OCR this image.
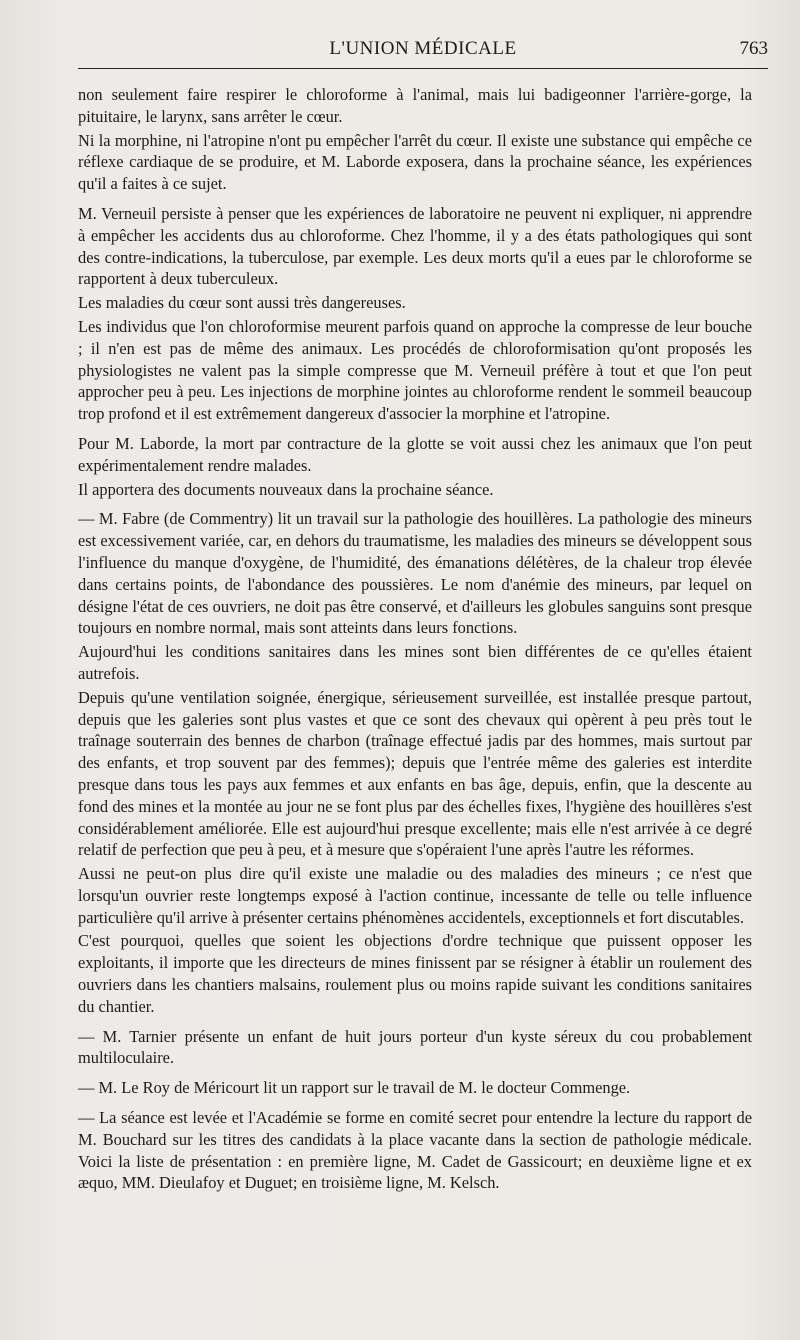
L'UNION MÉDICALE	763

non seulement faire respirer le chloroforme à l'animal, mais lui badigeonner l'arrière-gorge, la pituitaire, le larynx, sans arrêter le cœur.

Ni la morphine, ni l'atropine n'ont pu empêcher l'arrêt du cœur. Il existe une substance qui empêche ce réflexe cardiaque de se produire, et M. Laborde exposera, dans la prochaine séance, les expériences qu'il a faites à ce sujet.

M. Verneuil persiste à penser que les expériences de laboratoire ne peuvent ni expliquer, ni apprendre à empêcher les accidents dus au chloroforme. Chez l'homme, il y a des états pathologiques qui sont des contre-indications, la tuberculose, par exemple. Les deux morts qu'il a eues par le chloroforme se rapportent à deux tuberculeux.

Les maladies du cœur sont aussi très dangereuses.

Les individus que l'on chloroformise meurent parfois quand on approche la compresse de leur bouche ; il n'en est pas de même des animaux. Les procédés de chloroformisation qu'ont proposés les physiologistes ne valent pas la simple compresse que M. Verneuil préfère à tout et que l'on peut approcher peu à peu. Les injections de morphine jointes au chloroforme rendent le sommeil beaucoup trop profond et il est extrêmement dangereux d'associer la morphine et l'atropine.

Pour M. Laborde, la mort par contracture de la glotte se voit aussi chez les animaux que l'on peut expérimentalement rendre malades.

Il apportera des documents nouveaux dans la prochaine séance.

— M. Fabre (de Commentry) lit un travail sur la pathologie des houillères. La pathologie des mineurs est excessivement variée, car, en dehors du traumatisme, les maladies des mineurs se développent sous l'influence du manque d'oxygène, de l'humidité, des émanations délétères, de la chaleur trop élevée dans certains points, de l'abondance des poussières. Le nom d'anémie des mineurs, par lequel on désigne l'état de ces ouvriers, ne doit pas être conservé, et d'ailleurs les globules sanguins sont presque toujours en nombre normal, mais sont atteints dans leurs fonctions.

Aujourd'hui les conditions sanitaires dans les mines sont bien différentes de ce qu'elles étaient autrefois.

Depuis qu'une ventilation soignée, énergique, sérieusement surveillée, est installée presque partout, depuis que les galeries sont plus vastes et que ce sont des chevaux qui opèrent à peu près tout le traînage souterrain des bennes de charbon (traînage effectué jadis par des hommes, mais surtout par des enfants, et trop souvent par des femmes); depuis que l'entrée même des galeries est interdite presque dans tous les pays aux femmes et aux enfants en bas âge, depuis, enfin, que la descente au fond des mines et la montée au jour ne se font plus par des échelles fixes, l'hygiène des houillères s'est considérablement améliorée. Elle est aujourd'hui presque excellente; mais elle n'est arrivée à ce degré relatif de perfection que peu à peu, et à mesure que s'opéraient l'une après l'autre les réformes.

Aussi ne peut-on plus dire qu'il existe une maladie ou des maladies des mineurs ; ce n'est que lorsqu'un ouvrier reste longtemps exposé à l'action continue, incessante de telle ou telle influence particulière qu'il arrive à présenter certains phénomènes accidentels, exceptionnels et fort discutables.

C'est pourquoi, quelles que soient les objections d'ordre technique que puissent opposer les exploitants, il importe que les directeurs de mines finissent par se résigner à établir un roulement des ouvriers dans les chantiers malsains, roulement plus ou moins rapide suivant les conditions sanitaires du chantier.

— M. Tarnier présente un enfant de huit jours porteur d'un kyste séreux du cou probablement multiloculaire.

— M. Le Roy de Méricourt lit un rapport sur le travail de M. le docteur Commenge.

— La séance est levée et l'Académie se forme en comité secret pour entendre la lecture du rapport de M. Bouchard sur les titres des candidats à la place vacante dans la section de pathologie médicale. Voici la liste de présentation : en première ligne, M. Cadet de Gassicourt; en deuxième ligne et ex æquo, MM. Dieulafoy et Duguet; en troisième ligne, M. Kelsch.
